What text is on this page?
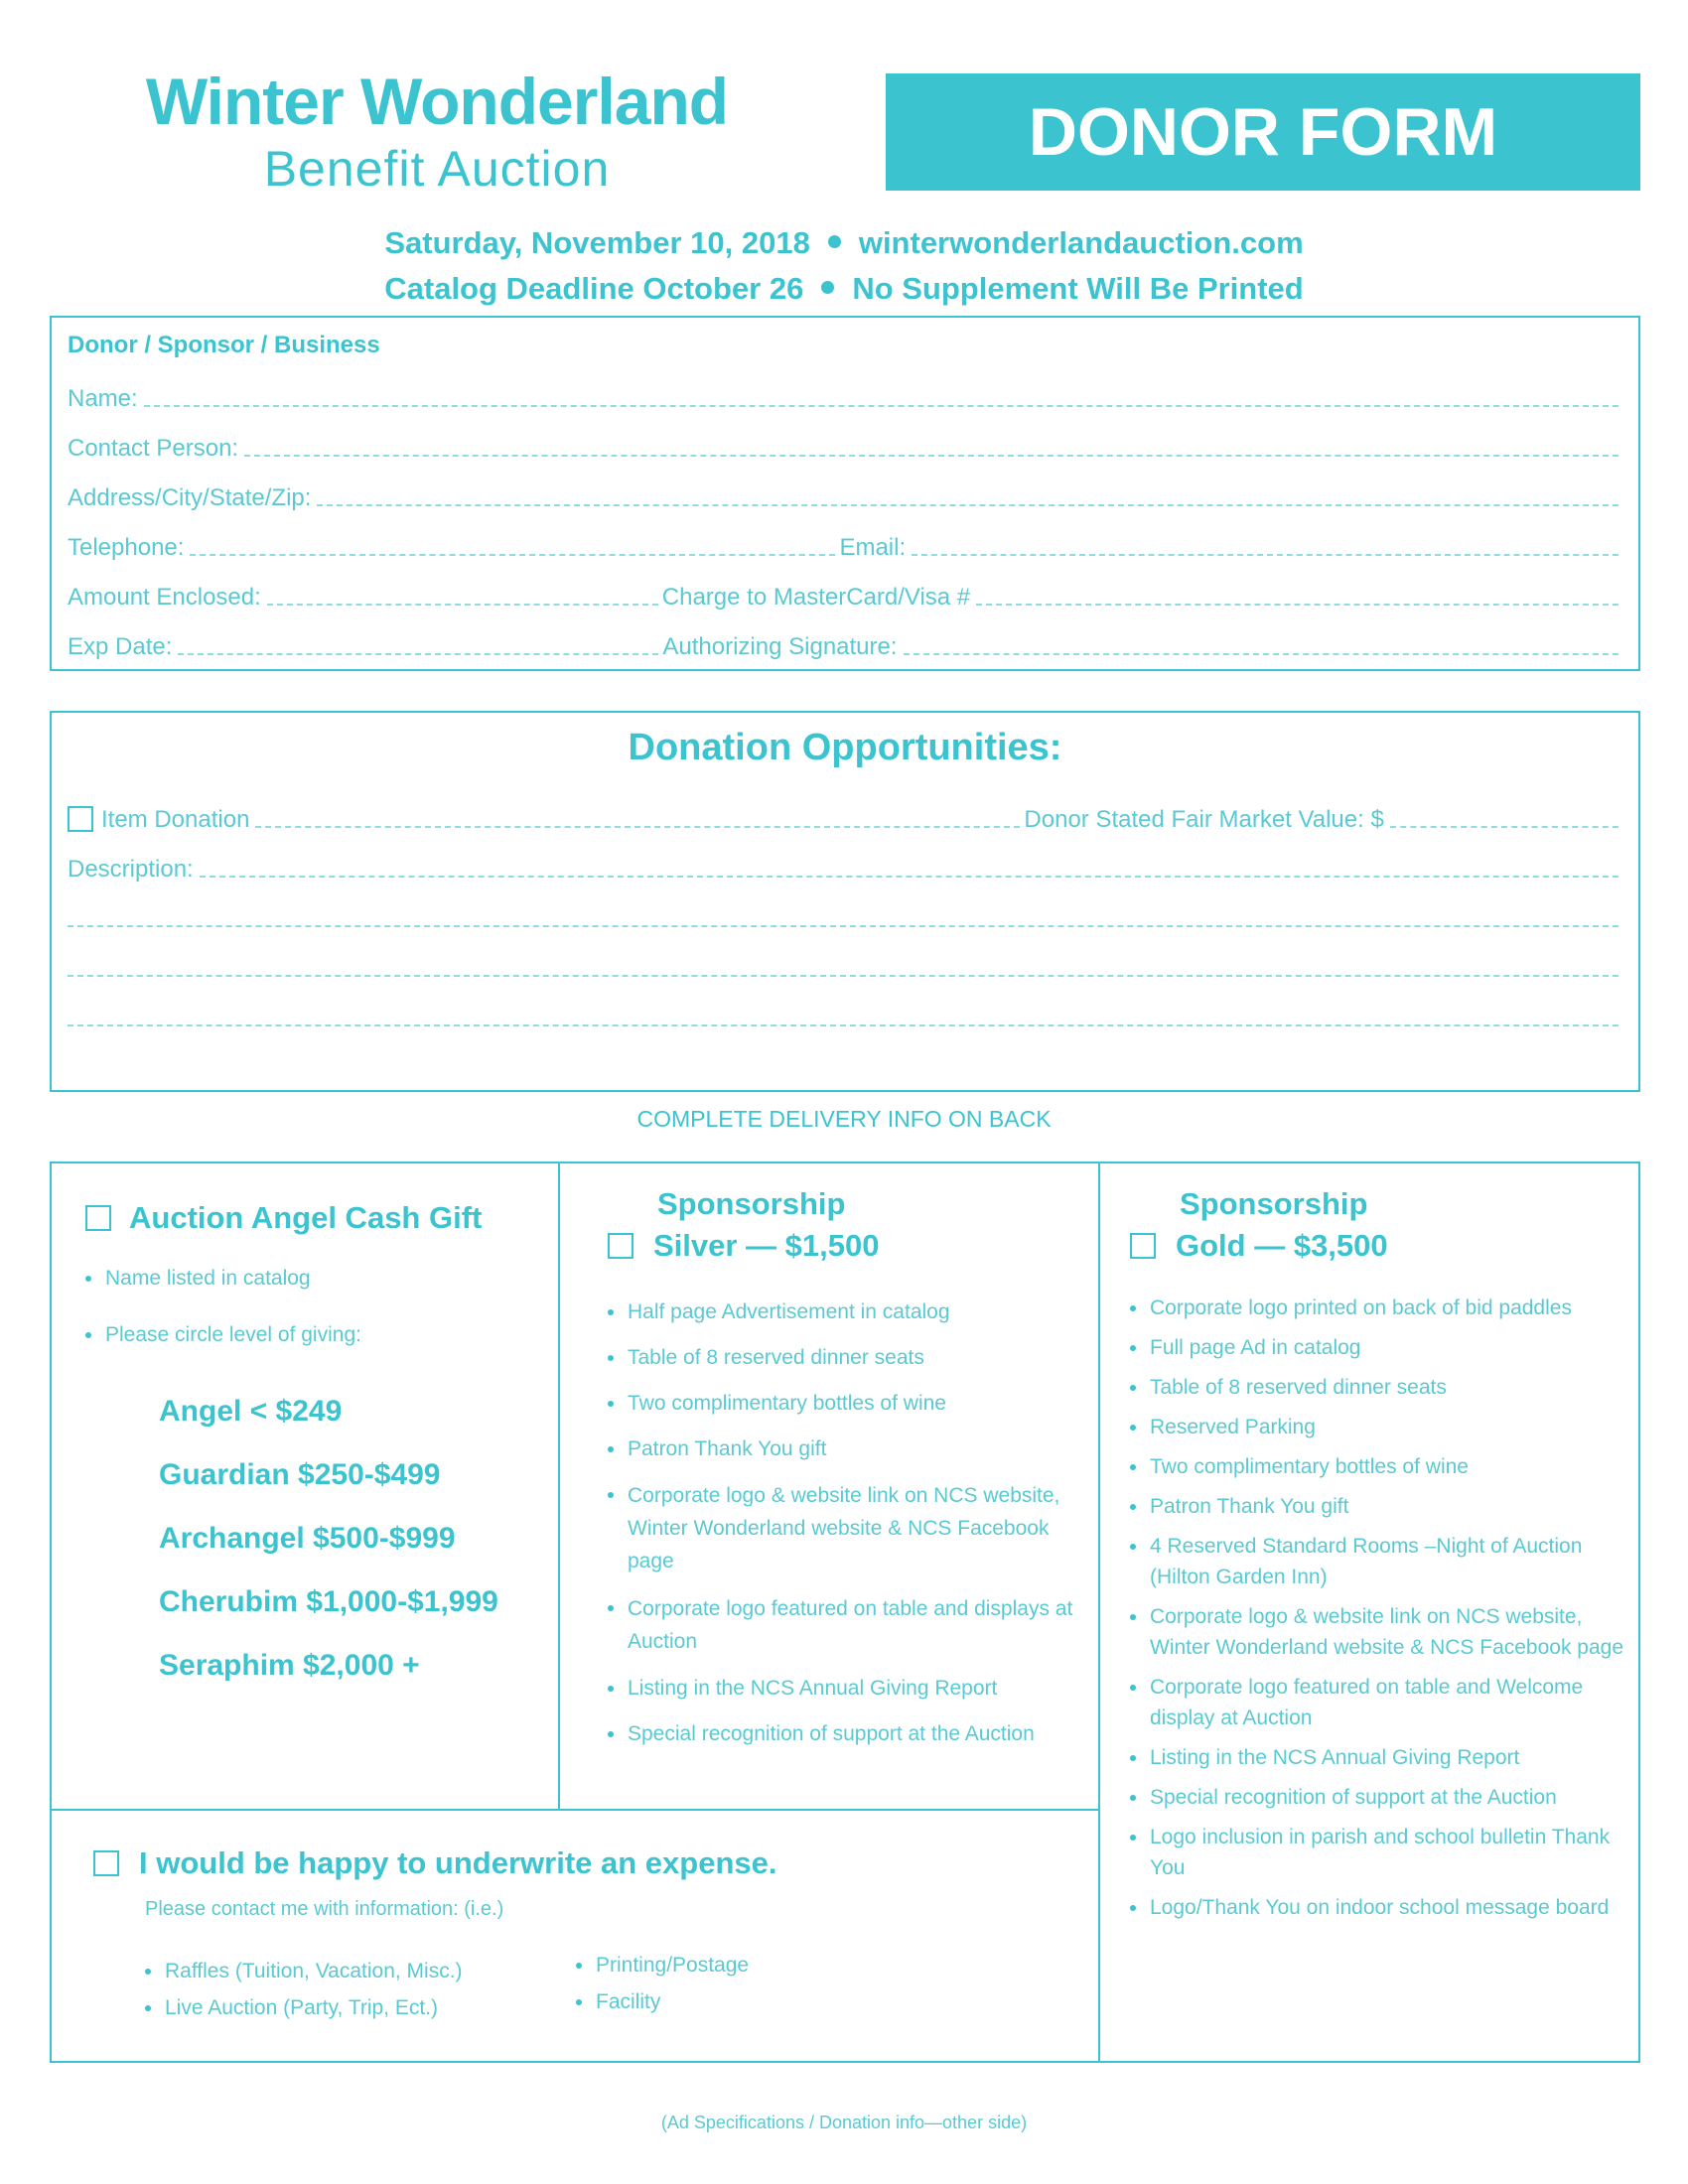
Winter Wonderland
Benefit Auction	DONOR FORM
Saturday, November 10, 2018 winterwonderlandauction.com
Catalog Deadline October 26 No Supplement Will Be Printed
Donor / Sponsor / Business
Name:
Contact Person:
Address/City/State/Zip:
Telephone:	Email:
Amount Enclosed:	Charge to MasterCard/Visa #
Exp Date:	Authorizing Signature:
Donation Opportunities:
Item Donation	Donor Stated Fair Market Value: $
Description:
COMPLETE DELIVERY INFO ON BACK
Auction Angel Cash Gift
Name listed in catalog
Please circle level of giving:
Angel < $249
Guardian $250-$499
Archangel $500-$999
Cherubim $1,000-$1,999
Seraphim $2,000 +
Sponsorship
Silver — $1,500
Half page Advertisement in catalog
Table of 8 reserved dinner seats
Two complimentary bottles of wine
Patron Thank You gift
Corporate logo & website link on NCS website, Winter Wonderland website & NCS Facebook page
Corporate logo featured on table and displays at Auction
Listing in the NCS Annual Giving Report
Special recognition of support at the Auction
Sponsorship
Gold — $3,500
Corporate logo printed on back of bid paddles
Full page Ad in catalog
Table of 8 reserved dinner seats
Reserved Parking
Two complimentary bottles of wine
Patron Thank You gift
4 Reserved Standard Rooms –Night of Auction (Hilton Garden Inn)
Corporate logo & website link on NCS website, Winter Wonderland website & NCS Facebook page
Corporate logo featured on table and Welcome display at Auction
Listing in the NCS Annual Giving Report
Special recognition of support at the Auction
Logo inclusion in parish and school bulletin Thank You
Logo/Thank You on indoor school message board
I would be happy to underwrite an expense.
Please contact me with information: (i.e.)
Raffles (Tuition, Vacation, Misc.)
Live Auction (Party, Trip, Ect.)
Printing/Postage
Facility
(Ad Specifications / Donation info—other side)
